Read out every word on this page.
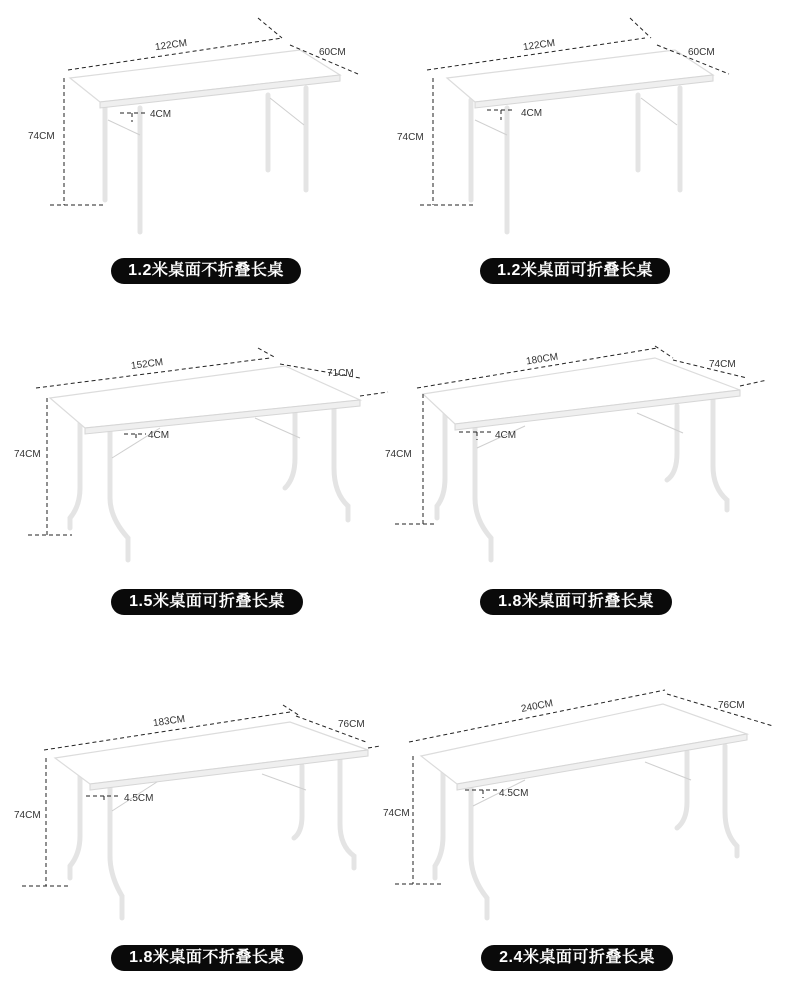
122CM	60CM
74CM
4CM
1.2米桌面不折叠长桌
122CM	60CM
74CM
4CM
1.2米桌面可折叠长桌
152CM
71CM
74CM
4CM
1.5米桌面可折叠长桌
180CM	74CM
74CM
4CM
1.8米桌面可折叠长桌
183CM	76CM
74CM
4.5CM
1.8米桌面不折叠长桌
240CM	76CM
74CM
4.5CM
2.4米桌面可折叠长桌
